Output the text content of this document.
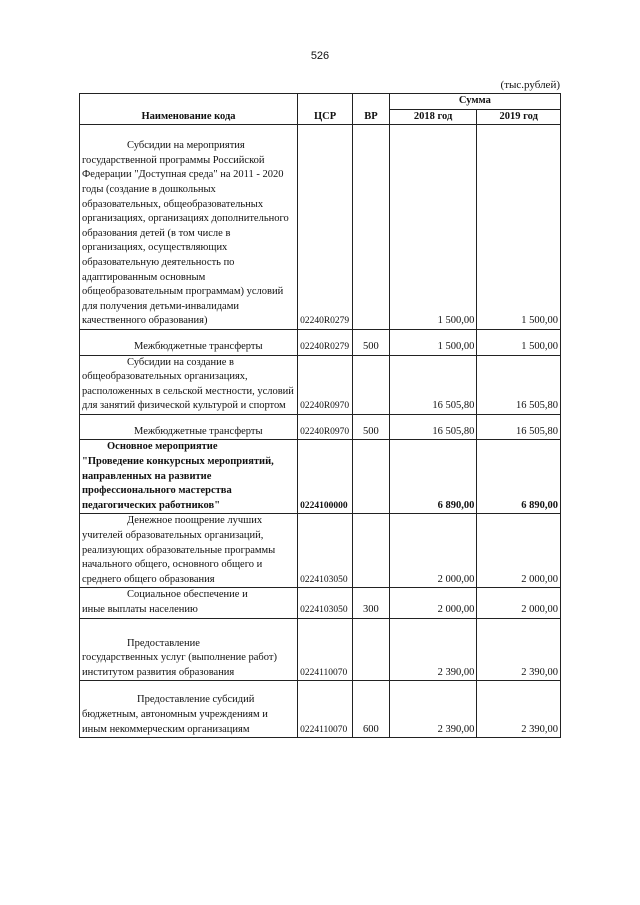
526
(тыс.рублей)
Наименование кода	ЦСР	ВР	Сумма	
			2018 год	2019 год

Субсидии на мероприятия
государственной программы Российской Федерации "Доступная среда" на 2011 - 2020 годы (создание в дошкольных образовательных, общеобразовательных организациях, организациях дополнительного образования детей (в том числе в организациях, осуществляющих образовательную деятельность по адаптированным основным общеобразовательным программам) условий для получения детьми-инвалидами качественного образования)	02240R0279		1 500,00	1 500,00

Межбюджетные трансферты	02240R0279	500	1 500,00	1 500,00

Субсидии на создание в
общеобразовательных организациях, расположенных в сельской местности, условий для занятий физической культурой и спортом	02240R0970		16 505,80	16 505,80

Межбюджетные трансферты	02240R0970	500	16 505,80	16 505,80

Основное мероприятие
"Проведение конкурсных мероприятий, направленных на развитие профессионального мастерства педагогических работников"	0224100000		6 890,00	6 890,00

Денежное поощрение лучших
учителей образовательных организаций, реализующих образовательные программы начального общего, основного общего и среднего общего образования	0224103050		2 000,00	2 000,00

Социальное обеспечение и
иные выплаты населению	0224103050	300	2 000,00	2 000,00

Предоставление
государственных услуг (выполнение работ) институтом развития образования	0224110070		2 390,00	2 390,00

Предоставление субсидий
бюджетным, автономным учреждениям и иным некоммерческим организациям	0224110070	600	2 390,00	2 390,00
